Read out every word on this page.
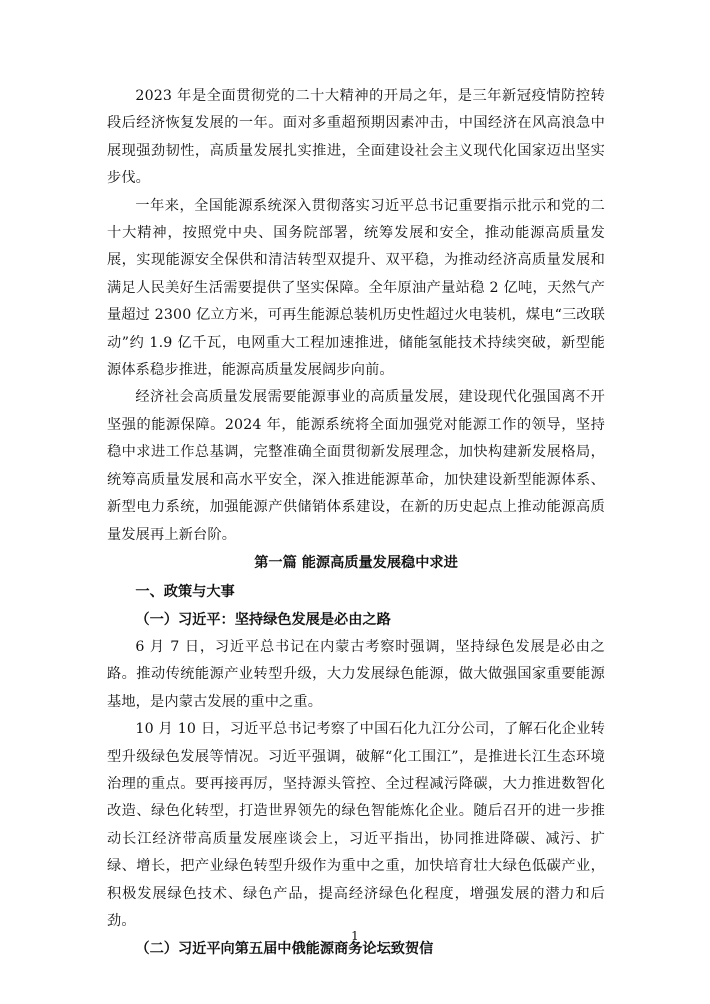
2023 年是全面贯彻党的二十大精神的开局之年，是三年新冠疫情防控转段后经济恢复发展的一年。面对多重超预期因素冲击，中国经济在风高浪急中展现强劲韧性，高质量发展扎实推进，全面建设社会主义现代化国家迈出坚实步伐。

一年来，全国能源系统深入贯彻落实习近平总书记重要指示批示和党的二十大精神，按照党中央、国务院部署，统筹发展和安全，推动能源高质量发展，实现能源安全保供和清洁转型双提升、双平稳，为推动经济高质量发展和满足人民美好生活需要提供了坚实保障。全年原油产量站稳 2 亿吨，天然气产量超过 2300 亿立方米，可再生能源总装机历史性超过火电装机，煤电“三改联动”约 1.9 亿千瓦，电网重大工程加速推进，储能氢能技术持续突破，新型能源体系稳步推进，能源高质量发展阔步向前。

经济社会高质量发展需要能源事业的高质量发展，建设现代化强国离不开坚强的能源保障。2024 年，能源系统将全面加强党对能源工作的领导，坚持稳中求进工作总基调，完整准确全面贯彻新发展理念，加快构建新发展格局，统筹高质量发展和高水平安全，深入推进能源革命，加快建设新型能源体系、新型电力系统，加强能源产供储销体系建设，在新的历史起点上推动能源高质量发展再上新台阶。

第一篇 能源高质量发展稳中求进
一、政策与大事
（一）习近平：坚持绿色发展是必由之路

6 月 7 日，习近平总书记在内蒙古考察时强调，坚持绿色发展是必由之路。推动传统能源产业转型升级，大力发展绿色能源，做大做强国家重要能源基地，是内蒙古发展的重中之重。

10 月 10 日，习近平总书记考察了中国石化九江分公司，了解石化企业转型升级绿色发展等情况。习近平强调，破解“化工围江”，是推进长江生态环境治理的重点。要再接再厉，坚持源头管控、全过程减污降碳，大力推进数智化改造、绿色化转型，打造世界领先的绿色智能炼化企业。随后召开的进一步推动长江经济带高质量发展座谈会上，习近平指出，协同推进降碳、减污、扩绿、增长，把产业绿色转型升级作为重中之重，加快培育壮大绿色低碳产业，积极发展绿色技术、绿色产品，提高经济绿色化程度，增强发展的潜力和后劲。

（二）习近平向第五届中俄能源商务论坛致贺信
1
